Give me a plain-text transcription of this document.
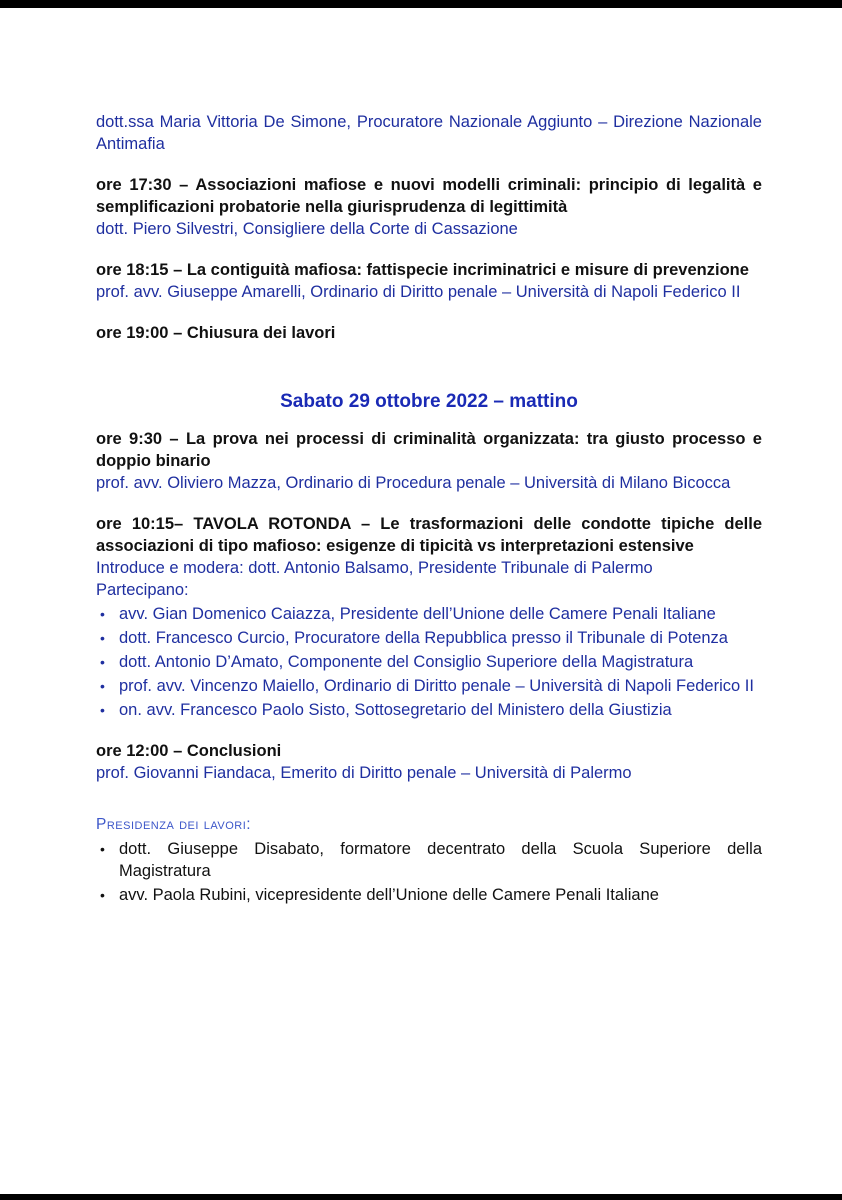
dott.ssa Maria Vittoria De Simone, Procuratore Nazionale Aggiunto – Direzione Nazionale Antimafia

ore 17:30 – Associazioni mafiose e nuovi modelli criminali: principio di legalità e semplificazioni probatorie nella giurisprudenza di legittimità
dott. Piero Silvestri, Consigliere della Corte di Cassazione
ore 18:15 – La contiguità mafiosa: fattispecie incriminatrici e misure di prevenzione
prof. avv. Giuseppe Amarelli, Ordinario di Diritto penale – Università di Napoli Federico II
ore 19:00 – Chiusura dei lavori
Sabato 29 ottobre 2022 – mattino
ore 9:30 – La prova nei processi di criminalità organizzata: tra giusto processo e doppio binario
prof. avv. Oliviero Mazza, Ordinario di Procedura penale – Università di Milano Bicocca
ore 10:15– TAVOLA ROTONDA – Le trasformazioni delle condotte tipiche delle associazioni di tipo mafioso: esigenze di tipicità vs interpretazioni estensive
Introduce e modera: dott. Antonio Balsamo, Presidente Tribunale di Palermo
Partecipano:
• avv. Gian Domenico Caiazza, Presidente dell’Unione delle Camere Penali Italiane
• dott. Francesco Curcio, Procuratore della Repubblica presso il Tribunale di Potenza
• dott. Antonio D’Amato, Componente del Consiglio Superiore della Magistratura
• prof. avv. Vincenzo Maiello, Ordinario di Diritto penale – Università di Napoli Federico II
• on. avv. Francesco Paolo Sisto, Sottosegretario del Ministero della Giustizia
ore 12:00 – Conclusioni
prof. Giovanni Fiandaca, Emerito di Diritto penale – Università di Palermo
Presidenza dei lavori:
• dott. Giuseppe Disabato, formatore decentrato della Scuola Superiore della Magistratura
• avv. Paola Rubini, vicepresidente dell’Unione delle Camere Penali Italiane
